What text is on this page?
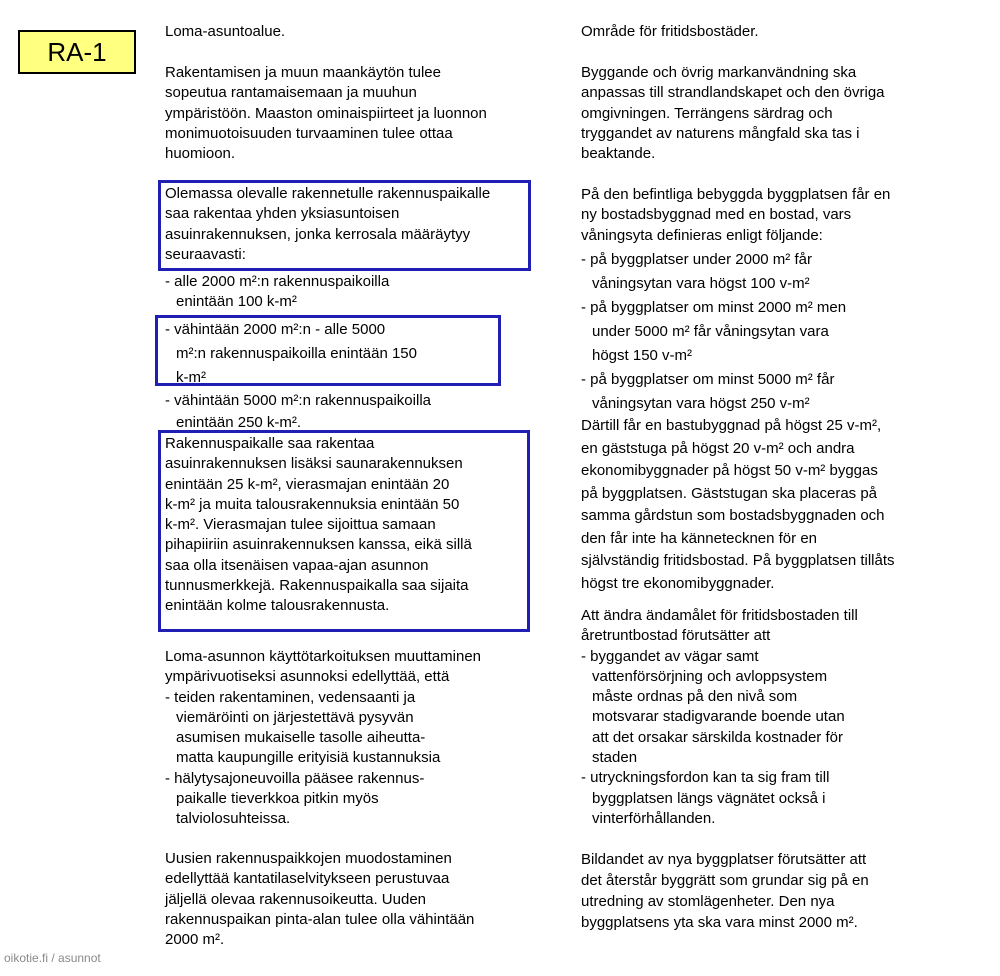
RA-1
Loma-asuntoalue.
Rakentamisen ja muun maankäytön tulee
sopeutua rantamaisemaan ja muuhun
ympäristöön. Maaston ominaispiirteet ja luonnon
monimuotoisuuden turvaaminen tulee ottaa
huomioon.
Olemassa olevalle rakennetulle rakennuspaikalle
saa rakentaa yhden yksiasuntoisen
asuinrakennuksen, jonka kerrosala määräytyy
seuraavasti:
- alle 2000 m²:n rakennuspaikoilla
enintään 100 k-m²
- vähintään 2000 m²:n - alle 5000
m²:n rakennuspaikoilla enintään 150
k-m²
- vähintään 5000 m²:n rakennuspaikoilla
enintään 250 k-m².
Rakennuspaikalle saa rakentaa
asuinrakennuksen lisäksi saunarakennuksen
enintään 25 k-m², vierasmajan enintään 20
k-m² ja muita talousrakennuksia enintään 50
k-m². Vierasmajan tulee sijoittua samaan
pihapiiriin asuinrakennuksen kanssa, eikä sillä
saa olla itsenäisen vapaa-ajan asunnon
tunnusmerkkejä. Rakennuspaikalla saa sijaita
enintään kolme talousrakennusta.
Loma-asunnon käyttötarkoituksen muuttaminen
ympärivuotiseksi asunnoksi edellyttää, että
- teiden rakentaminen, vedensaanti ja
viemäröinti on järjestettävä pysyvän
asumisen mukaiselle tasolle aiheutta-
matta kaupungille erityisiä kustannuksia
- hälytysajoneuvoilla pääsee rakennus-
paikalle tieverkkoa pitkin myös
talviolosuhteissa.
Uusien rakennuspaikkojen muodostaminen
edellyttää kantatilaselvitykseen perustuvaa
jäljellä olevaa rakennusoikeutta. Uuden
rakennuspaikan pinta-alan tulee olla vähintään
2000 m².
Område för fritidsbostäder.
Byggande och övrig markanvändning ska
anpassas till strandlandskapet och den övriga
omgivningen. Terrängens särdrag och
tryggandet av naturens mångfald ska tas i
beaktande.
På den befintliga bebyggda byggplatsen får en
ny bostadsbyggnad med en bostad, vars
våningsyta definieras enligt följande:
- på byggplatser under 2000 m² får
våningsytan vara högst 100 v-m²
- på byggplatser om minst 2000 m² men
under 5000 m² får våningsytan vara
högst 150 v-m²
- på byggplatser om minst 5000 m² får
våningsytan vara högst 250 v-m²
Därtill får en bastubyggnad på högst 25 v-m²,
en gäststuga på högst 20 v-m² och andra
ekonomibyggnader på högst 50 v-m² byggas
på byggplatsen. Gäststugan ska placeras på
samma gårdstun som bostadsbyggnaden och
den får inte ha kännetecknen för en
självständig fritidsbostad. På byggplatsen tillåts
högst tre ekonomibyggnader.
Att ändra ändamålet för fritidsbostaden till
åretruntbostad förutsätter att
- byggandet av vägar samt
vattenförsörjning och avloppsystem
måste ordnas på den nivå som
motsvarar stadigvarande boende utan
att det orsakar särskilda kostnader för
staden
- utryckningsfordon kan ta sig fram till
byggplatsen längs vägnätet också i
vinterförhållanden.
Bildandet av nya byggplatser förutsätter att
det återstår byggrätt som grundar sig på en
utredning av stomlägenheter. Den nya
byggplatsens yta ska vara minst 2000 m².
oikotie.fi / asunnot
